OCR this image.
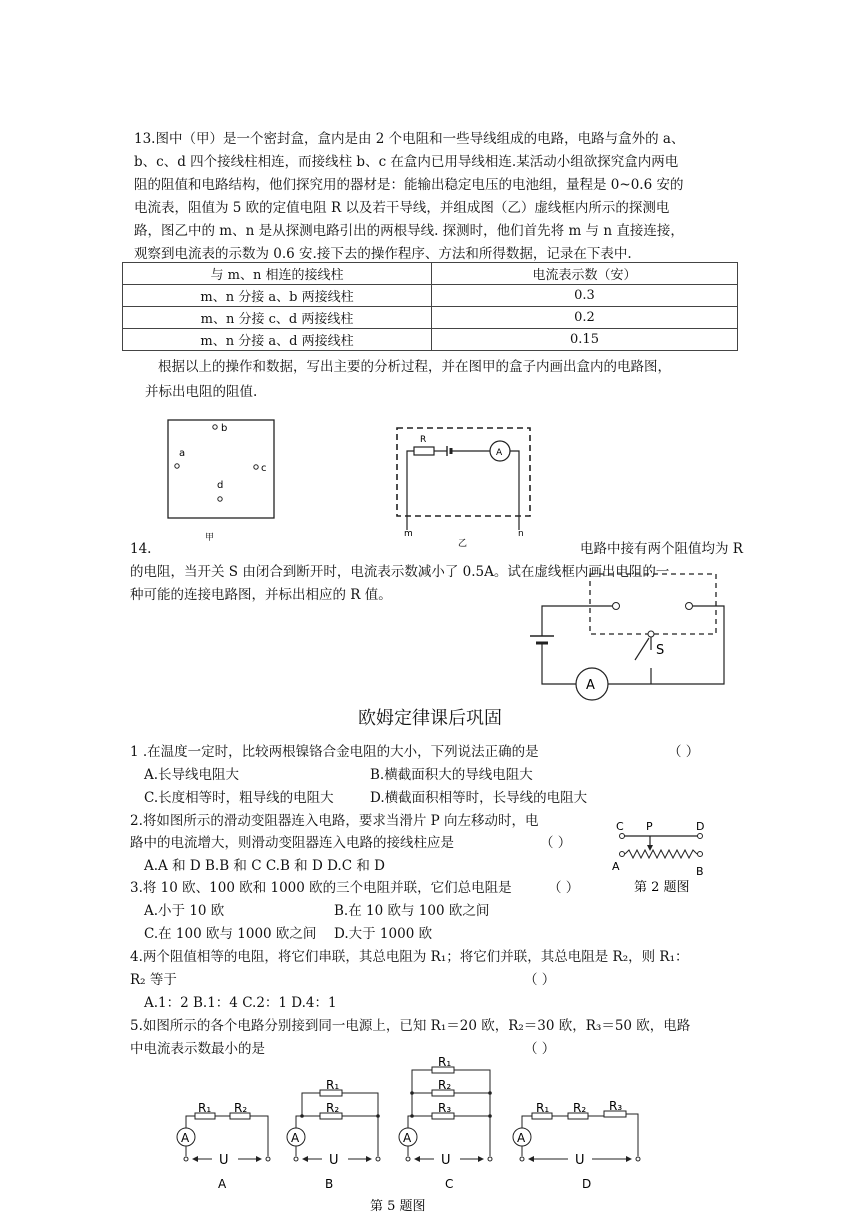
13.图中（甲）是一个密封盒，盒内是由 2 个电阻和一些导线组成的电路，电路与盒外的 a、
b、c、d 四个接线柱相连，而接线柱 b、c 在盒内已用导线相连.某活动小组欲探究盒内两电
阻的阻值和电路结构，他们探究用的器材是：能输出稳定电压的电池组，量程是 0~0.6 安的
电流表，阻值为 5 欧的定值电阻 R 以及若干导线，并组成图（乙）虚线框内所示的探测电
路，图乙中的 m、n 是从探测电路引出的两根导线. 探测时，他们首先将 m 与 n 直接连接，
观察到电流表的示数为 0.6 安.接下去的操作程序、方法和所得数据，记录在下表中.
与 m、n 相连的接线柱	电流表示数（安）
m、n 分接 a、b 两接线柱	0.3
m、n 分接 c、d 两接线柱	0.2
m、n 分接 a、d 两接线柱	0.15
根据以上的操作和数据，写出主要的分析过程，并在图甲的盒子内画出盒内的电路图，
并标出电阻的阻值.
b
a
c
d
甲
R
A
m	n
乙
14.	电路中接有两个阻值均为 R
的电阻，当开关 S 由闭合到断开时，电流表示数减小了 0.5A。试在虚线框内画出电阻的一
种可能的连接电路图，并标出相应的 R 值。
A
S
欧姆定律课后巩固
1 .在温度一定时，比较两根镍铬合金电阻的大小，下列说法正确的是	（ ）
A.长导线电阻大	B.横截面积大的导线电阻大
C.长度相等时，粗导线的电阻大	D.横截面积相等时，长导线的电阻大
2.将如图所示的滑动变阻器连入电路，要求当滑片 P 向左移动时，电
路中的电流增大，则滑动变阻器连入电路的接线柱应是	（ ）
A.A 和 D B.B 和 C C.B 和 D D.C 和 D
C P	D
A	B
第 2 题图
3.将 10 欧、100 欧和 1000 欧的三个电阻并联，它们总电阻是	（ ）
A.小于 10 欧	B.在 10 欧与 100 欧之间
C.在 100 欧与 1000 欧之间 D.大于 1000 欧
4.两个阻值相等的电阻，将它们串联，其总电阻为 R₁；将它们并联，其总电阻是 R₂，则 R₁：
R₂ 等于	（ ）
A.1：2 B.1：4 C.2：1 D.4：1
5.如图所示的各个电路分别接到同一电源上，已知 R₁＝20 欧，R₂＝30 欧，R₃＝50 欧，电路
中电流表示数最小的是	（ ）
R₁ R₂
A
U
A
R₁
R₂
A
U
B
R₁
R₂
R₃
A
U
C
R₁ R₂ R₃
A
U
D
第 5 题图
